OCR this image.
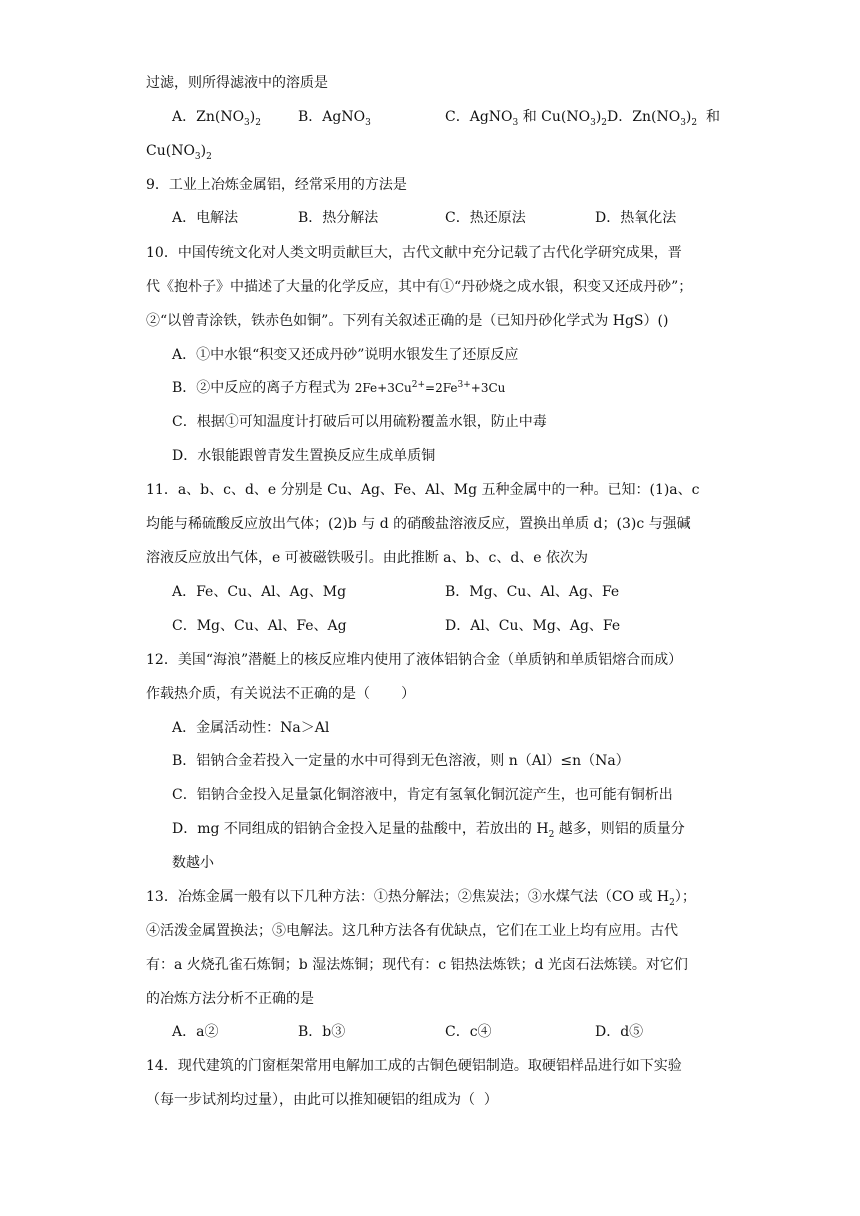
过滤，则所得滤液中的溶质是
A．$Zn(NO_3)_2$	B．AgNO$_3$	C．AgNO$_3$ 和 $Cu(NO_3)_2D$．$Zn(NO_3)_2$  和
$Cu(NO_3)_2$
9．工业上冶炼金属铝，经常采用的方法是
A．电解法	B．热分解法	C．热还原法	D．热氧化法
10．中国传统文化对人类文明贡献巨大，古代文献中充分记载了古代化学研究成果，晋
代《抱朴子》中描述了大量的化学反应，其中有①“丹砂烧之成水银，积变又还成丹砂”；
②“以曾青涂铁，铁赤色如铜”。下列有关叙述正确的是（已知丹砂化学式为 HgS）()
A．①中水银“积变又还成丹砂”说明水银发生了还原反应
B．②中反应的离子方程式为 $2Fe+3Cu^{2+}=2Fe^{3+}+3Cu$
C．根据①可知温度计打破后可以用硫粉覆盖水银，防止中毒
D．水银能跟曾青发生置换反应生成单质铜
11．a、b、c、d、e 分别是 Cu、Ag、Fe、Al、Mg 五种金属中的一种。已知：(1)a、c
均能与稀硫酸反应放出气体；(2)b 与 d 的硝酸盐溶液反应，置换出单质 d；(3)c 与强碱
溶液反应放出气体，e 可被磁铁吸引。由此推断 a、b、c、d、e 依次为
A．Fe、Cu、Al、Ag、Mg	B．Mg、Cu、Al、Ag、Fe
C．Mg、Cu、Al、Fe、Ag	D．Al、Cu、Mg、Ag、Fe
12．美国“海浪”潜艇上的核反应堆内使用了液体铝钠合金（单质钠和单质铝熔合而成）
作载热介质，有关说法不正确的是（       ）
A．金属活动性：Na＞Al
B．铝钠合金若投入一定量的水中可得到无色溶液，则 n（Al）≤n（Na）
C．铝钠合金投入足量氯化铜溶液中，肯定有氢氧化铜沉淀产生，也可能有铜析出
D．mg 不同组成的铝钠合金投入足量的盐酸中，若放出的 $H_2$ 越多，则铝的质量分
数越小
13．冶炼金属一般有以下几种方法：①热分解法；②焦炭法；③水煤气法（CO 或 $H_2$）；
④活泼金属置换法；⑤电解法。这几种方法各有优缺点，它们在工业上均有应用。古代
有：a 火烧孔雀石炼铜；b 湿法炼铜；现代有：c 铝热法炼铁；d 光卤石法炼镁。对它们
的冶炼方法分析不正确的是
A．a②	B．b③	C．c④	D．d⑤
14．现代建筑的门窗框架常用电解加工成的古铜色硬铝制造。取硬铝样品进行如下实验
（每一步试剂均过量），由此可以推知硬铝的组成为（  ）
